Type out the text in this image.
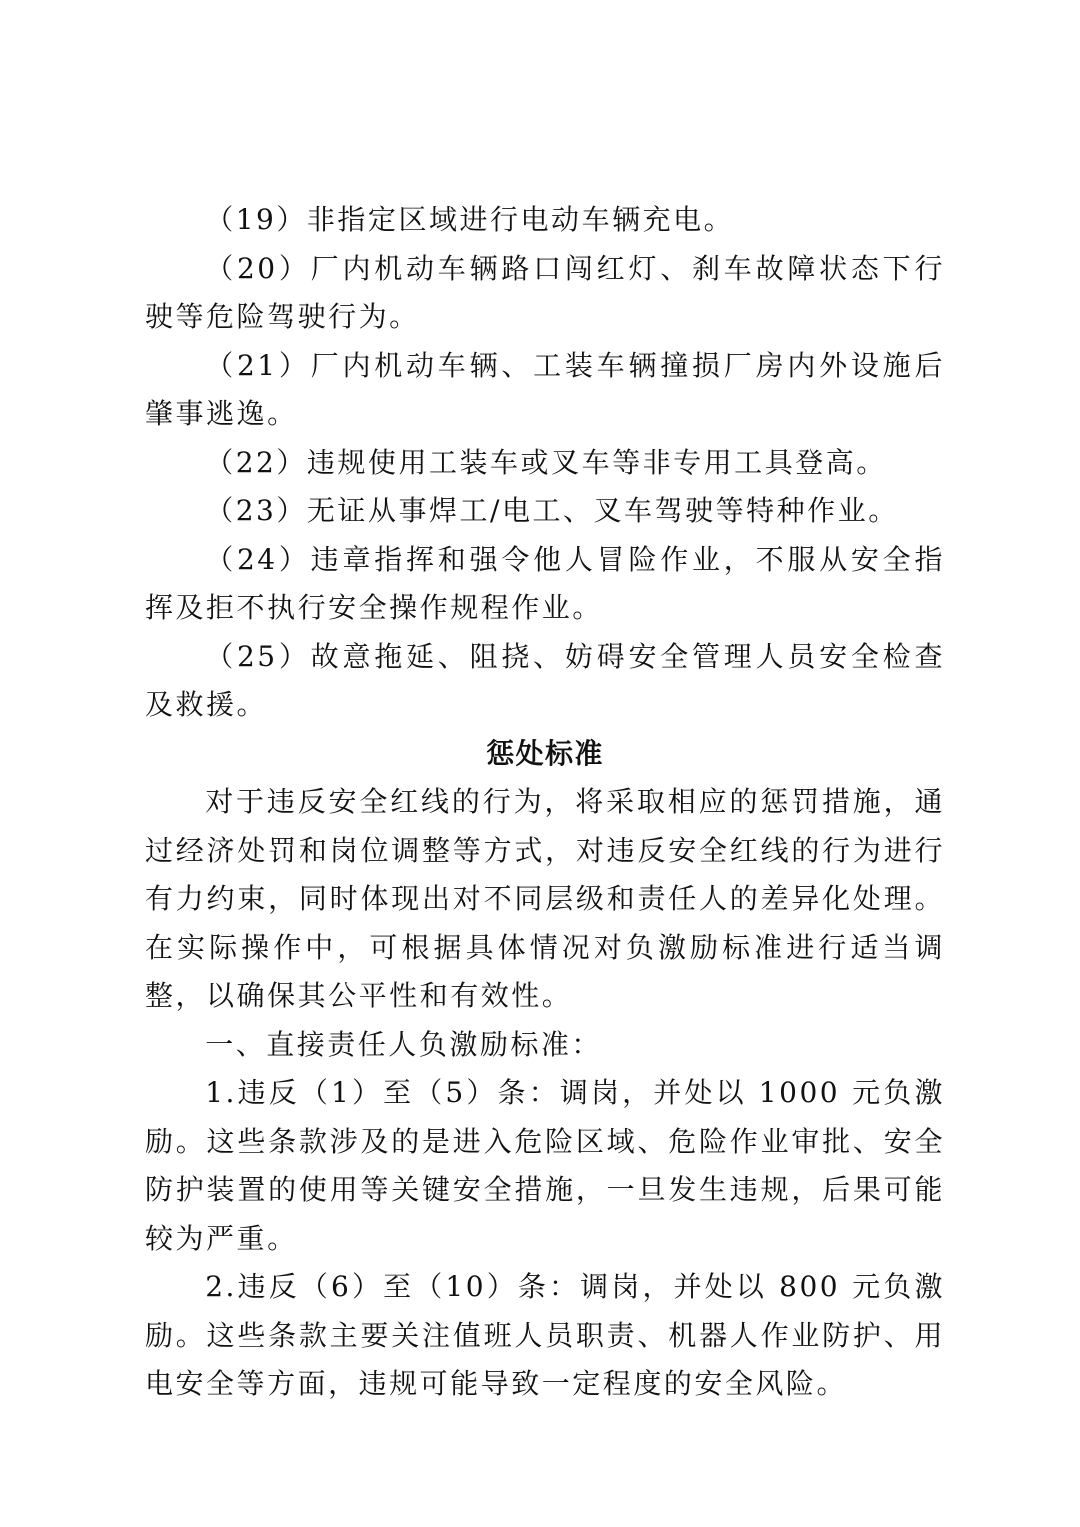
（19）非指定区域进行电动车辆充电。

（20）厂内机动车辆路口闯红灯、刹车故障状态下行驶等危险驾驶行为。

（21）厂内机动车辆、工装车辆撞损厂房内外设施后肇事逃逸。

（22）违规使用工装车或叉车等非专用工具登高。

（23）无证从事焊工/电工、叉车驾驶等特种作业。

（24）违章指挥和强令他人冒险作业，不服从安全指挥及拒不执行安全操作规程作业。

（25）故意拖延、阻挠、妨碍安全管理人员安全检查及救援。

惩处标准

对于违反安全红线的行为，将采取相应的惩罚措施，通过经济处罚和岗位调整等方式，对违反安全红线的行为进行有力约束，同时体现出对不同层级和责任人的差异化处理。在实际操作中，可根据具体情况对负激励标准进行适当调整，以确保其公平性和有效性。

一、直接责任人负激励标准：

1.违反（1）至（5）条：调岗，并处以 1000 元负激励。这些条款涉及的是进入危险区域、危险作业审批、安全防护装置的使用等关键安全措施，一旦发生违规，后果可能较为严重。

2.违反（6）至（10）条：调岗，并处以 800 元负激励。这些条款主要关注值班人员职责、机器人作业防护、用电安全等方面，违规可能导致一定程度的安全风险。
